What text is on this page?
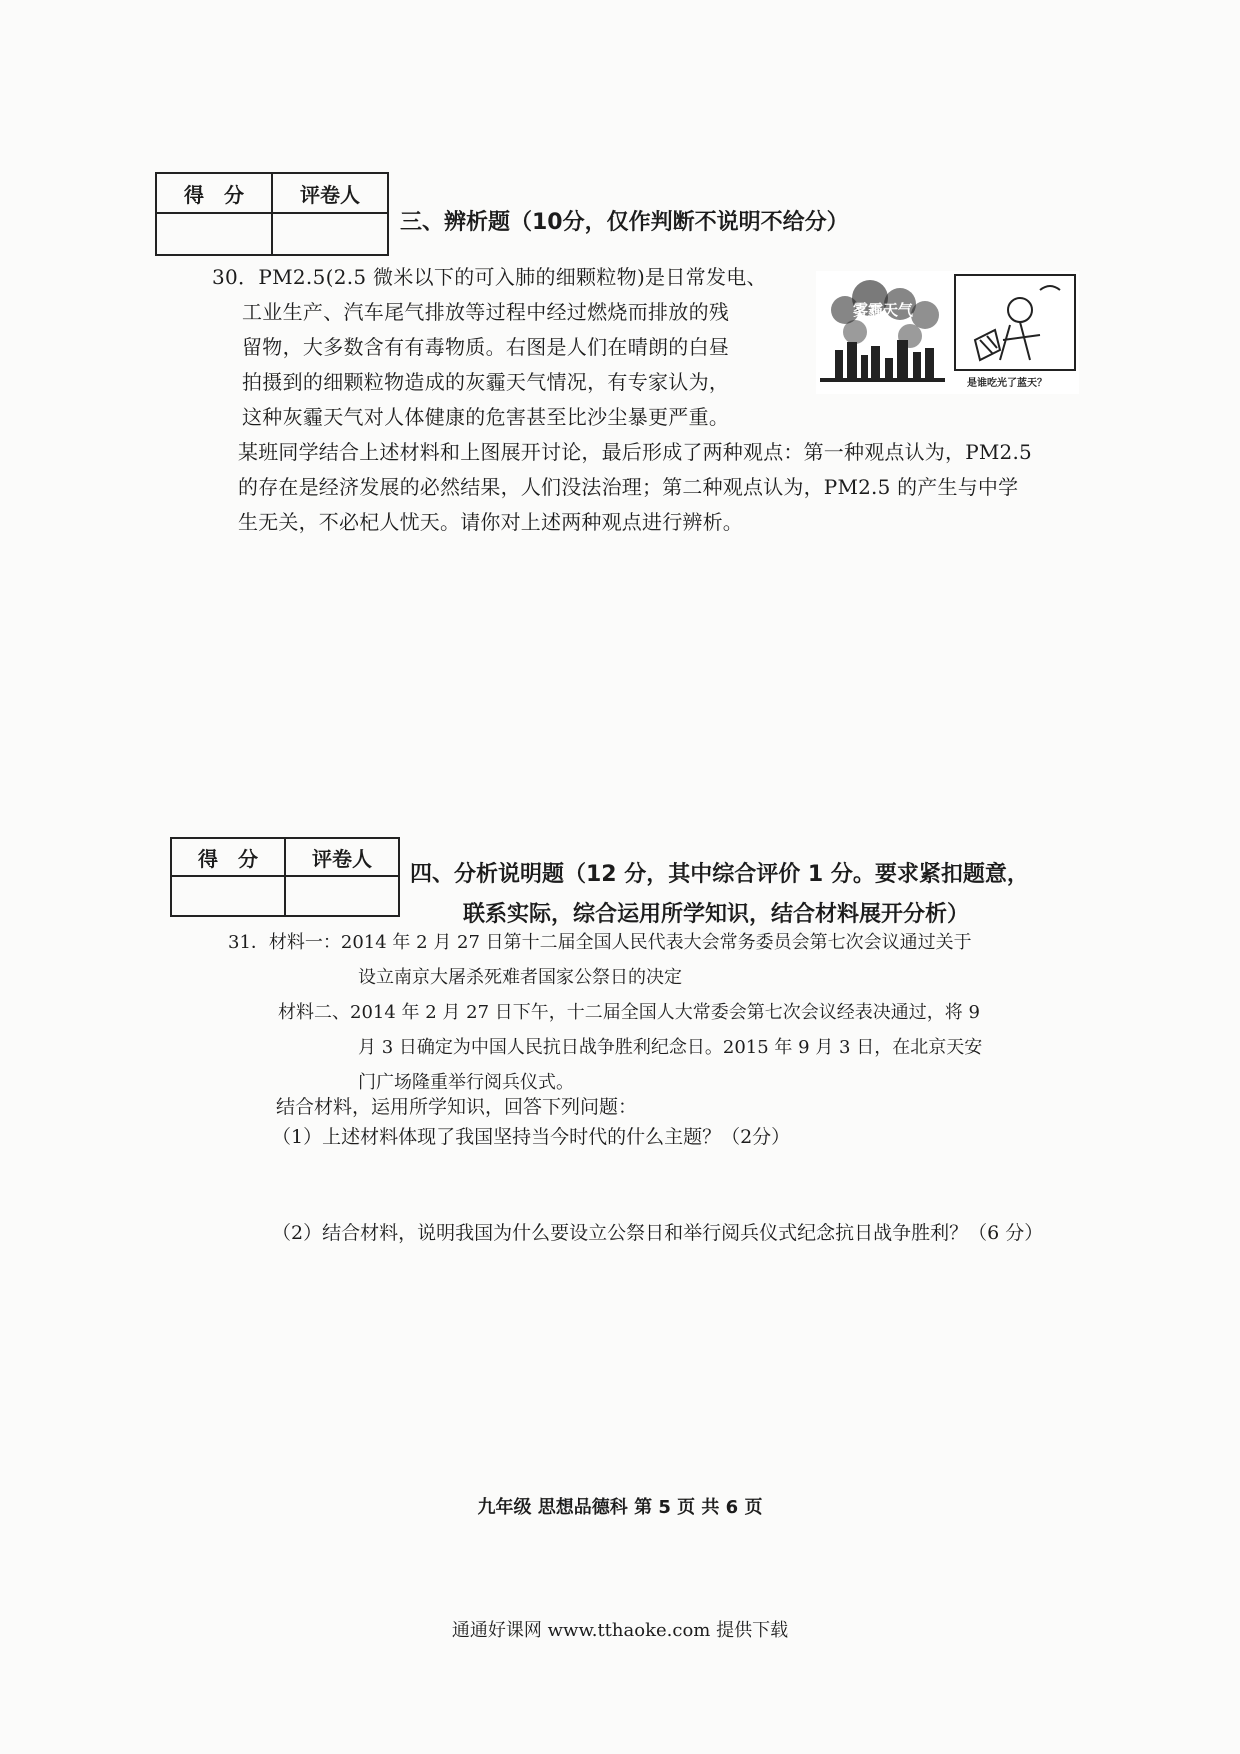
得　分	评卷人

三、辨析题（10分，仅作判断不说明不给分）
30．PM2.5(2.5 微米以下的可入肺的细颗粒物)是日常发电、
工业生产、汽车尾气排放等过程中经过燃烧而排放的残
留物，大多数含有有毒物质。右图是人们在晴朗的白昼
拍摄到的细颗粒物造成的灰霾天气情况，有专家认为，
这种灰霾天气对人体健康的危害甚至比沙尘暴更严重。
雾霾天气
是谁吃光了蓝天？
某班同学结合上述材料和上图展开讨论，最后形成了两种观点：第一种观点认为，PM2.5
的存在是经济发展的必然结果，人们没法治理；第二种观点认为，PM2.5 的产生与中学
生无关，不必杞人忧天。请你对上述两种观点进行辨析。
得　分	评卷人

四、分析说明题（12 分，其中综合评价 1 分。要求紧扣题意，
联系实际，综合运用所学知识，结合材料展开分析）
31．材料一：2014 年 2 月 27 日第十二届全国人民代表大会常务委员会第七次会议通过关于
设立南京大屠杀死难者国家公祭日的决定
材料二、2014 年 2 月 27 日下午，十二届全国人大常委会第七次会议经表决通过，将 9
月 3 日确定为中国人民抗日战争胜利纪念日。2015 年 9 月 3 日，在北京天安
门广场隆重举行阅兵仪式。
结合材料，运用所学知识，回答下列问题：
（1）上述材料体现了我国坚持当今时代的什么主题？（2分）
（2）结合材料，说明我国为什么要设立公祭日和举行阅兵仪式纪念抗日战争胜利？（6 分）
九年级 思想品德科 第 5 页 共 6 页
通通好课网 www.tthaoke.com 提供下载
